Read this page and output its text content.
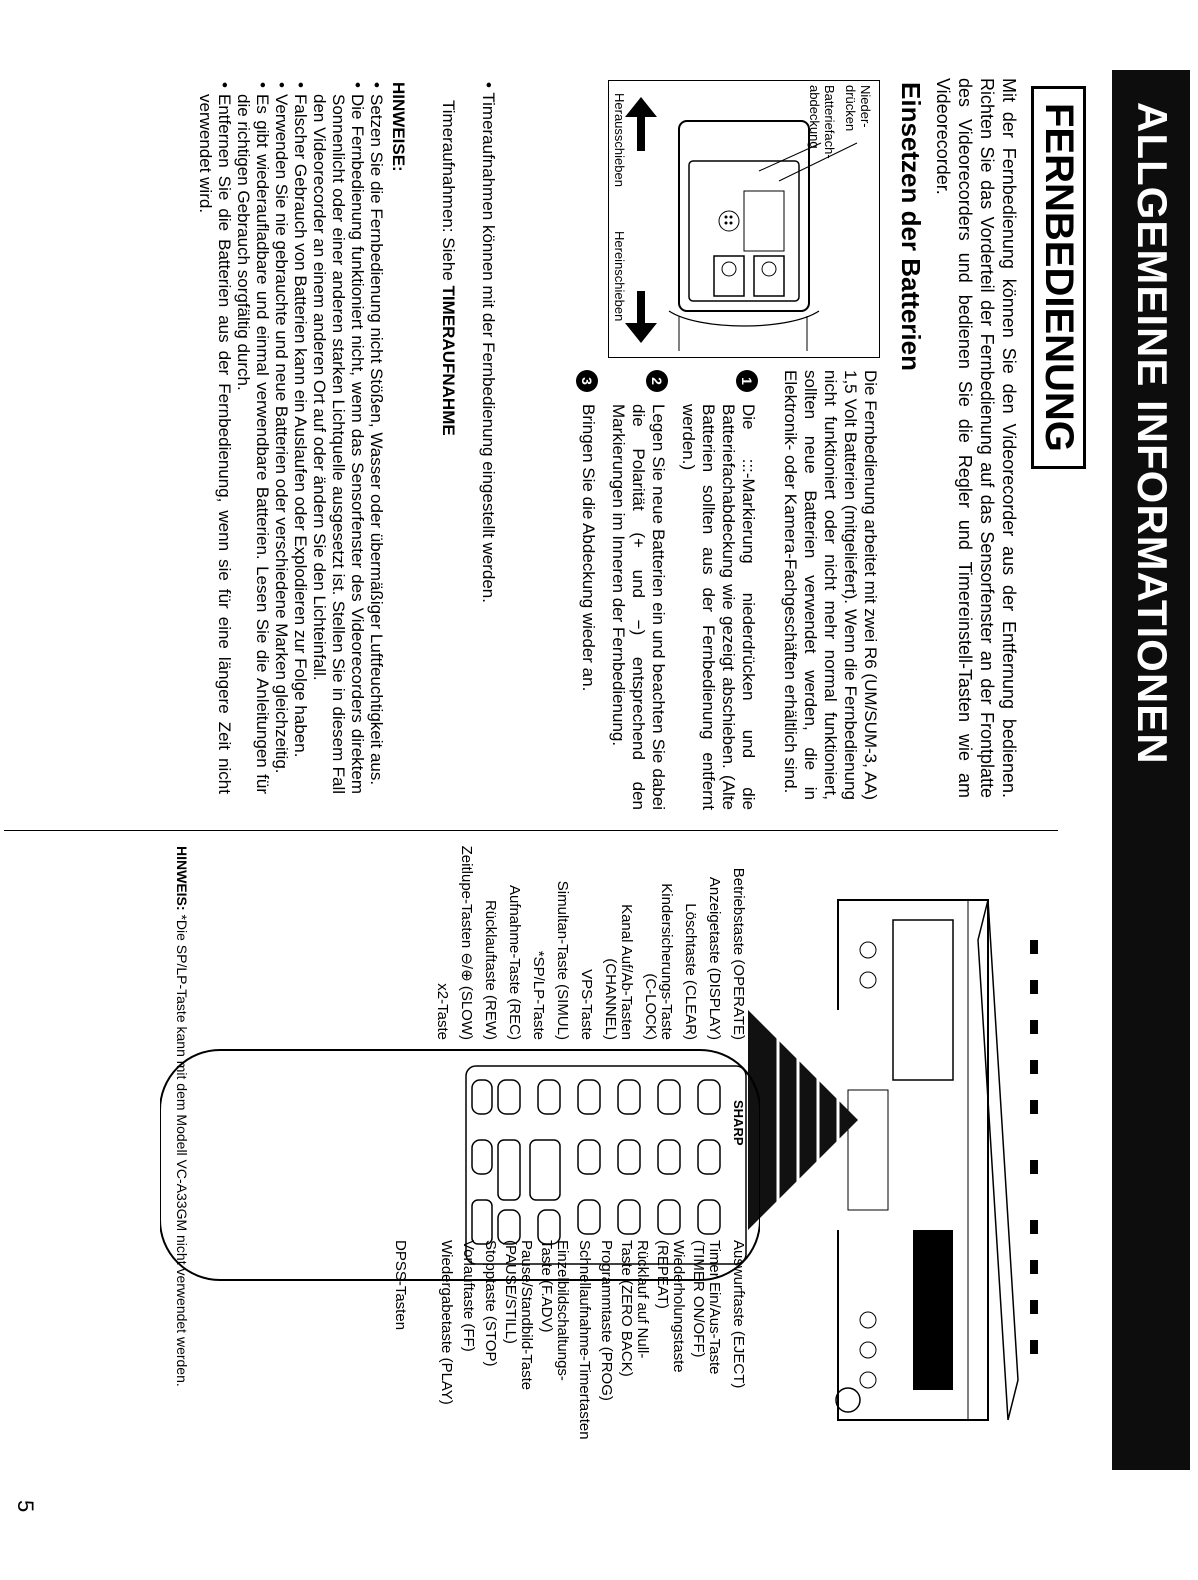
ALLGEMEINE INFORMATIONEN
FERNBEDIENUNG
Mit der Fernbedienung können Sie den Videorecorder aus der Entfernung bedienen. Richten Sie das Vorderteil der Fernbedienung auf das Sensorfenster an der Frontplatte des Videorecorders und bedienen Sie die Regler und Timereinstell-Tasten wie am Videorecorder.
Einsetzen der Batterien
Nieder-
drücken
Batteriefach-
abdeckung
Herausschieben
Hereinschieben
Die Fernbedienung arbeitet mit zwei R6 (UM/SUM-3, AA) 1,5 Volt Batterien (mitgeliefert). Wenn die Fernbedienung nicht funktioniert oder nicht mehr normal funktioniert, sollten neue Batterien verwendet werden, die in Elektronik- oder Kamera-Fachgeschäften erhältlich sind.
1
Die :::-Markierung niederdrücken und die Batteriefachabdeckung wie gezeigt abschieben. (Alte Batterien sollten aus der Fernbedienung entfernt werden.)
2
Legen Sie neue Batterien ein und beachten Sie dabei die Polarität (+ und −) entsprechend den Markierungen im Inneren der Fernbedienung.
3
Bringen Sie die Abdeckung wieder an.
• Timeraufnahmen können mit der Fernbedienung eingestellt werden.
Timeraufnahmen: Siehe TIMERAUFNAHME
HINWEISE:
• Setzen Sie die Fernbedienung nicht Stößen, Wasser oder übermäßiger Luftfeuchtigkeit aus.
• Die Fernbedienung funktioniert nicht, wenn das Sensorfenster des Videorecorders direktem Sonnenlicht oder einer anderen starken Lichtquelle ausgesetzt ist. Stellen Sie in diesem Fall den Videorecorder an einem anderen Ort auf oder ändern Sie den Lichteinfall.
• Falscher Gebrauch von Batterien kann ein Auslaufen oder Explodieren zur Folge haben.
• Verwenden Sie nie gebrauchte und neue Batterien oder verschiedene Marken gleichzeitig.
• Es gibt wiederaufladbare und einmal verwendbare Batterien. Lesen Sie die Anleitungen für die richtigen Gebrauch sorgfältig durch.
• Entfernen Sie die Batterien aus der Fernbedienung, wenn sie für eine längere Zeit nicht verwendet wird.
SHARP
Betriebstaste (OPERATE)
Anzeigetaste (DISPLAY)
Löschtaste (CLEAR)
Kindersicherungs-Taste
(C-LOCK)
Kanal Auf/Ab-Tasten
(CHANNEL)
VPS-Taste
Simultan-Taste (SIMUL)
*SP/LP-Taste
Aufnahme-Taste (REC)
Rücklauftaste (REW)
Zeitlupe-Tasten ⊖/⊕ (SLOW)
x2-Taste
Auswurftaste (EJECT)
Timer Ein/Aus-Taste
(TIMER ON/OFF)
Wiederholungstaste
(REPEAT)
Rücklauf auf Null-
Taste (ZERO BACK)
Programmtaste (PROG)
Schnellaufnahme-Timertasten
Einzelbildschaltungs-
Taste (F.ADV)
Pause/Standbild-Taste
(PAUSE/STILL)
Stopptaste (STOP)
Vorlauftaste (FF)
Wiedergabetaste (PLAY)
DPSS-Tasten
HINWEIS: *Die SP/LP-Taste kann mit dem Modell VC-A33GM nicht verwendet werden.
5
